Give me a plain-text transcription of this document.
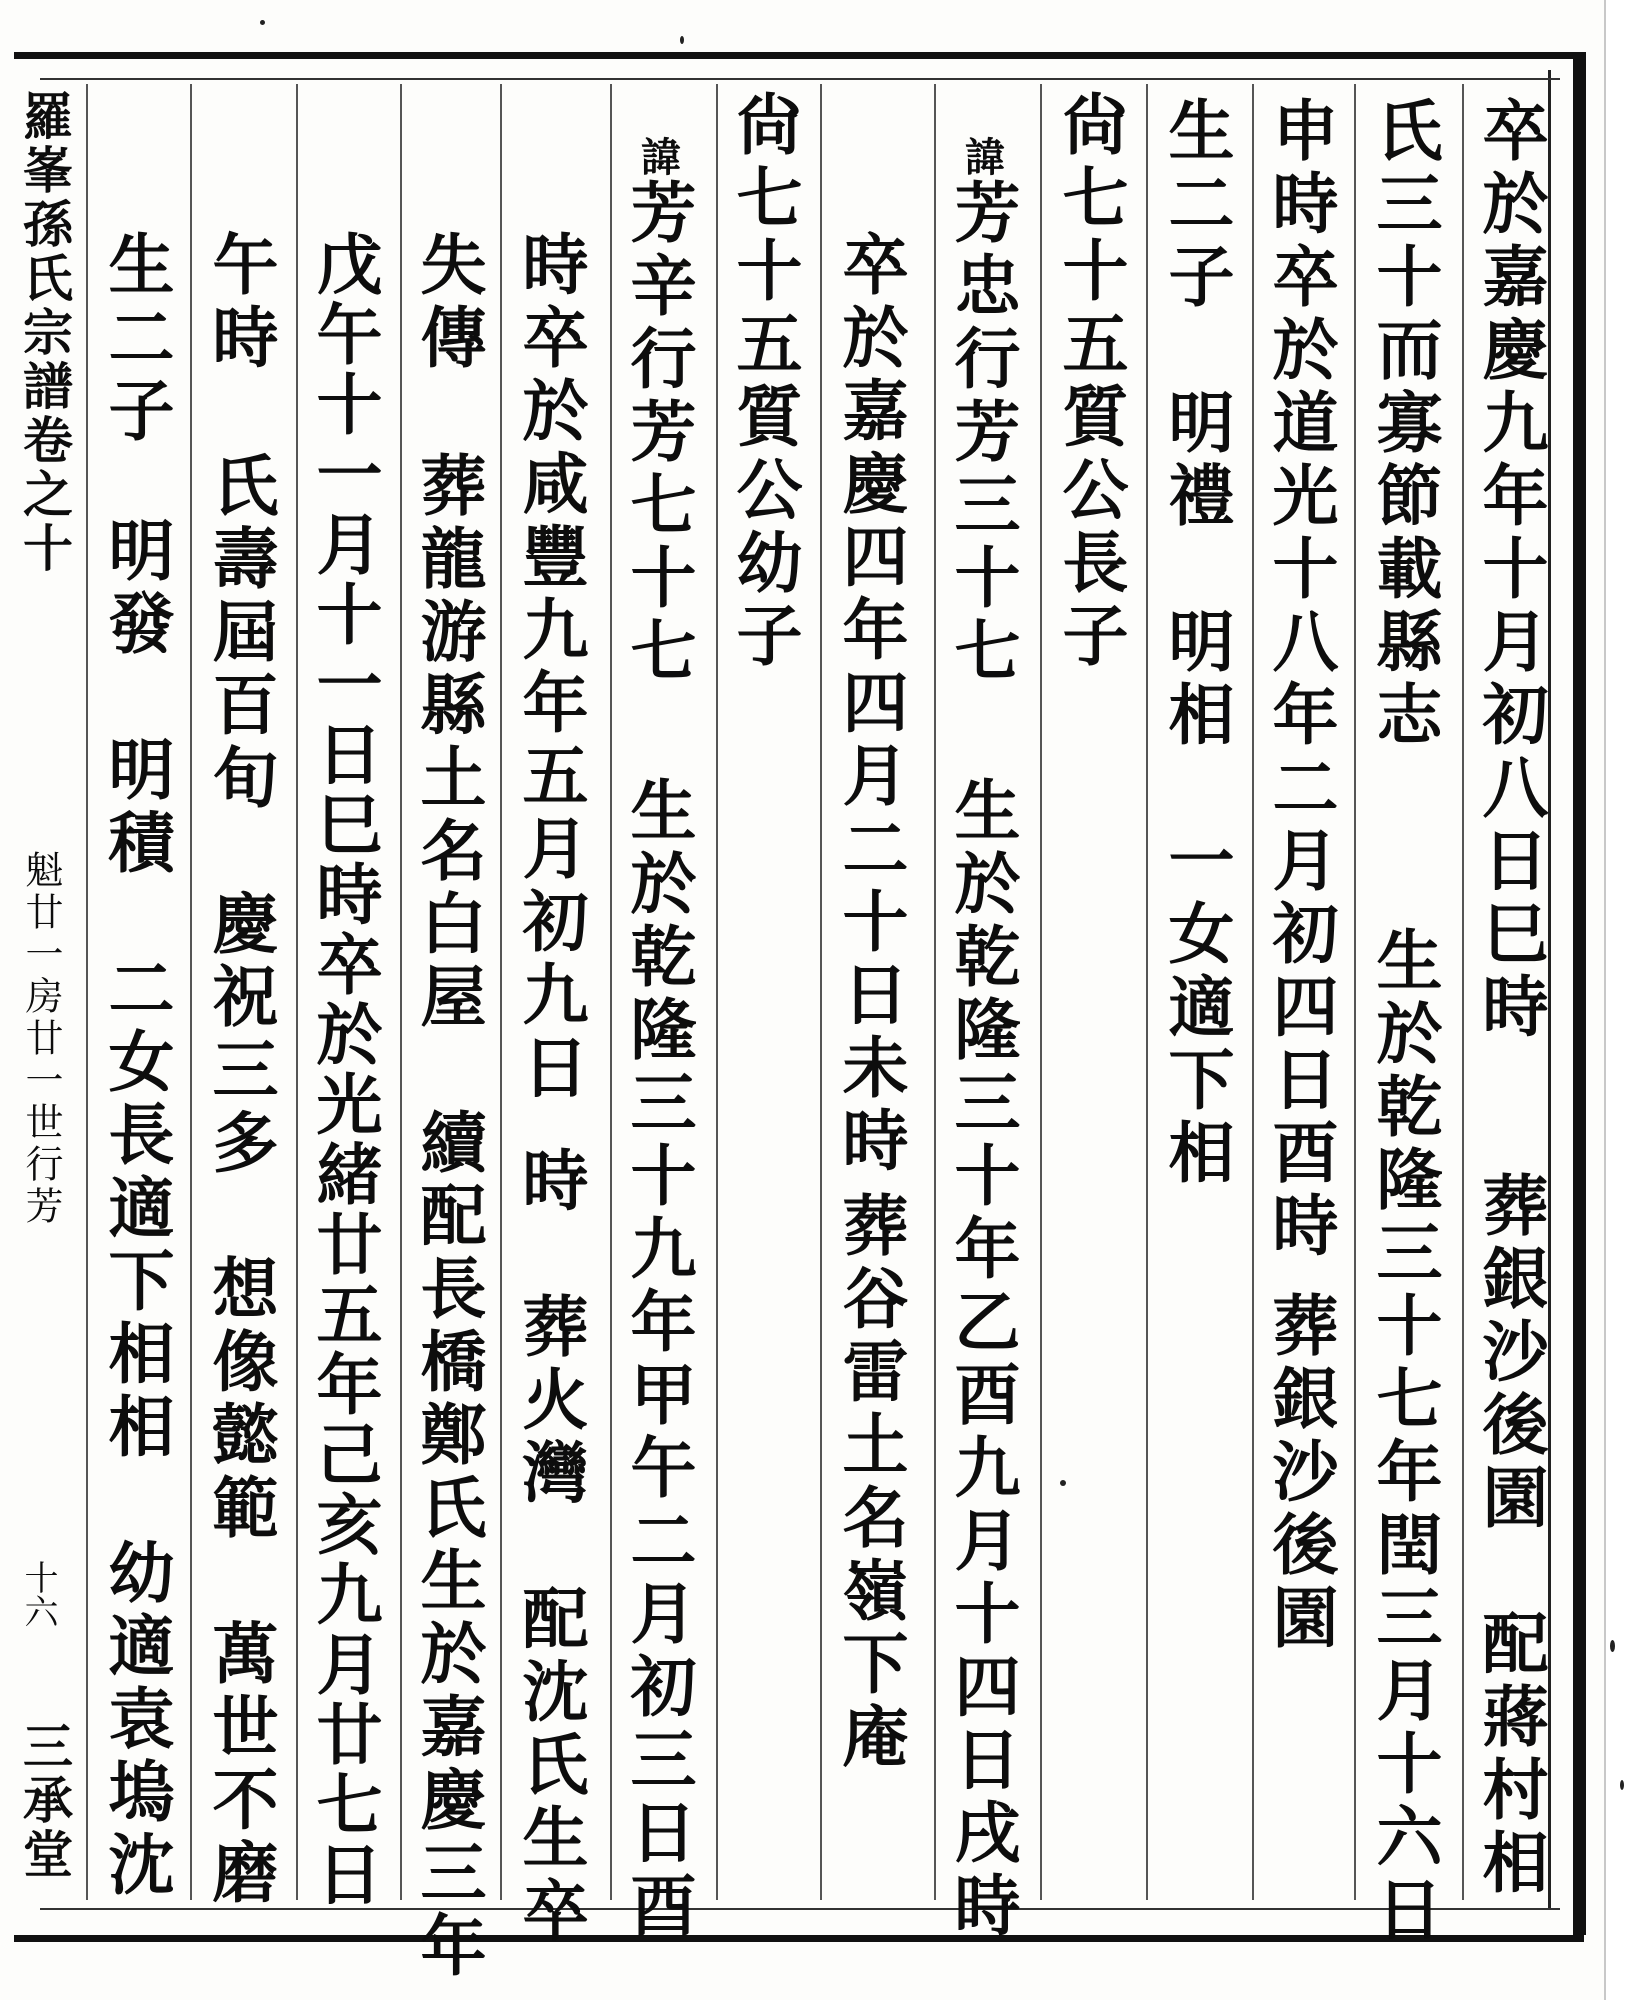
卒於嘉慶九年十月初八日巳時
葬銀沙後園　配蔣村相
氏三十而寡節載縣志
生於乾隆三十七年閏三月十六日
申時卒於道光十八年二月初四日酉時
葬銀沙後園
生二子　明禮　明相　一女適下相
尙七十五質公長子
諱
芳忠行芳三十七
生於乾隆三十年乙酉九月十四日戌時
卒於嘉慶四年四月二十日未時
葬谷雷土名嶺下庵
尙七十五質公幼子
諱
芳辛行芳七十七
生於乾隆三十九年甲午二月初三日酉
時卒於咸豐九年五月初九日
時　葬火灣　配沈氏生卒
失傳
葬龍游縣土名白屋　續配長橋鄭氏生於嘉慶三年
戊午十一月十一日巳時卒於光緒廿五年己亥九月廿七日
午時
氏壽屆百旬　慶祝三多　想像懿範　萬世不磨
生二子
明發　明積　二女長適下相相　幼適袁塢沈
羅峯孫氏宗譜卷之十
魁廿一房廿一世行芳
十六
三承堂
